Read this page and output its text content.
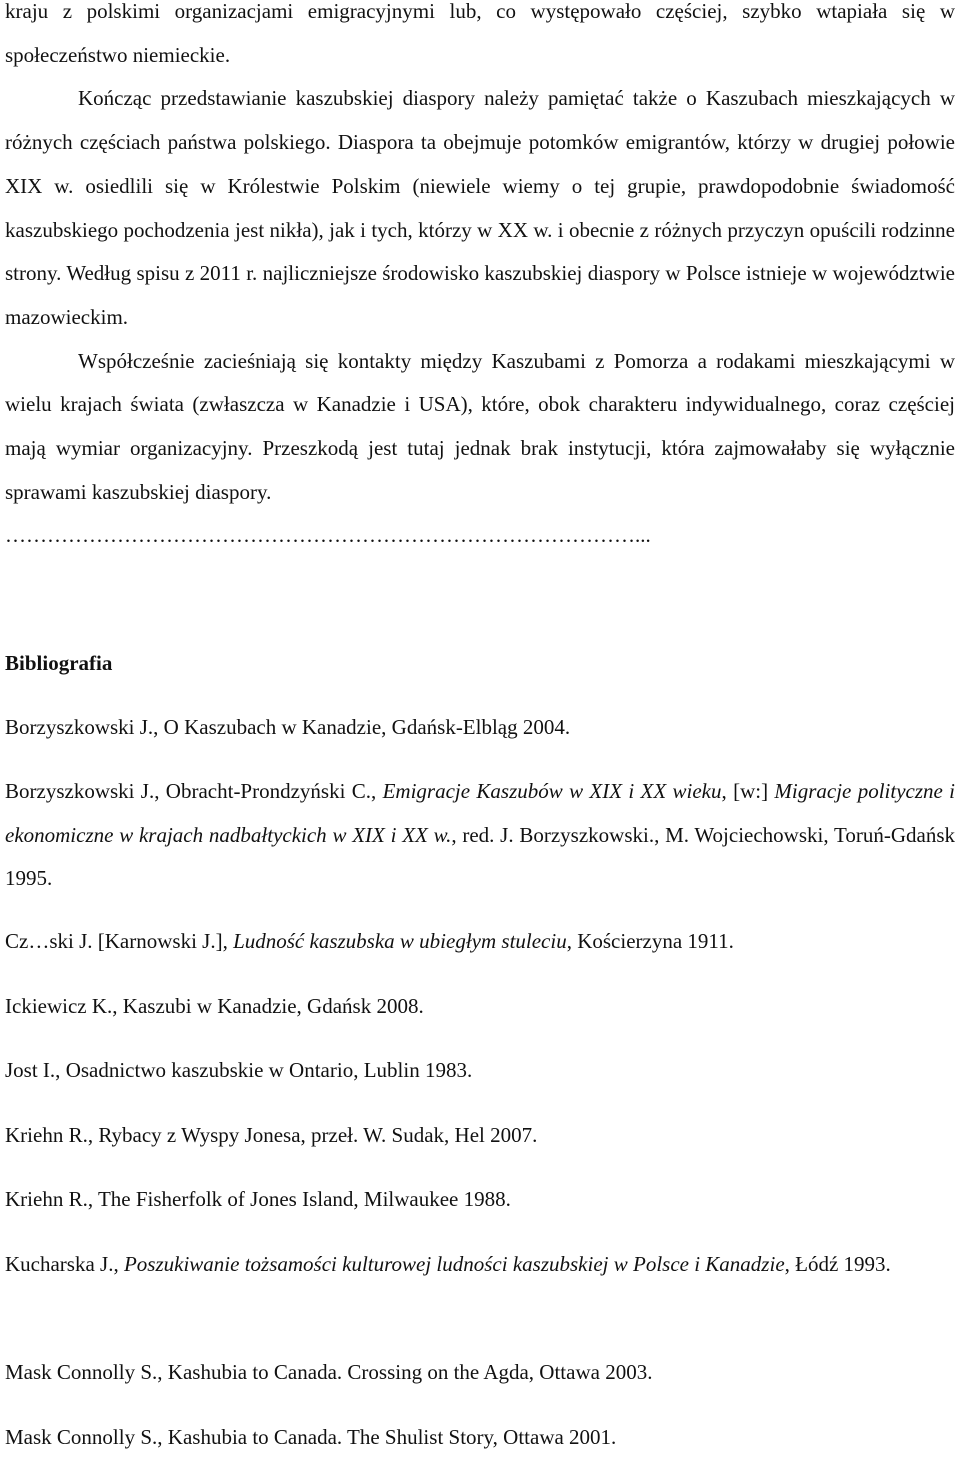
kraju z polskimi organizacjami emigracyjnymi lub, co występowało częściej, szybko wtapiała się w społeczeństwo niemieckie.

Kończąc przedstawianie kaszubskiej diaspory należy pamiętać także o Kaszubach mieszkających w różnych częściach państwa polskiego. Diaspora ta obejmuje potomków emigrantów, którzy w drugiej połowie XIX w. osiedlili się w Królestwie Polskim (niewiele wiemy o tej grupie, prawdopodobnie świadomość kaszubskiego pochodzenia jest nikła), jak i tych, którzy w XX w. i obecnie z różnych przyczyn opuścili rodzinne strony. Według spisu z 2011 r. najliczniejsze środowisko kaszubskiej diaspory w Polsce istnieje w województwie mazowieckim.

Współcześnie zacieśniają się kontakty między Kaszubami z Pomorza a rodakami mieszkającymi w wielu krajach świata (zwłaszcza w Kanadzie i USA), które, obok charakteru indywidualnego, coraz częściej mają wymiar organizacyjny. Przeszkodą jest tutaj jednak brak instytucji, która zajmowałaby się wyłącznie sprawami kaszubskiej diaspory.

………………………………………………………………………………...

Bibliografia

Borzyszkowski J., O Kaszubach w Kanadzie, Gdańsk-Elbląg 2004.

Borzyszkowski J., Obracht-Prondzyński C., Emigracje Kaszubów w XIX i XX wieku, [w:] Migracje polityczne i ekonomiczne w krajach nadbałtyckich w XIX i XX w., red. J. Borzyszkowski., M. Wojciechowski, Toruń-Gdańsk 1995.

Cz…ski J. [Karnowski J.], Ludność kaszubska w ubiegłym stuleciu, Kościerzyna 1911.

Ickiewicz K., Kaszubi w Kanadzie, Gdańsk 2008.

Jost I., Osadnictwo kaszubskie w Ontario, Lublin 1983.

Kriehn R., Rybacy z Wyspy Jonesa, przeł. W. Sudak, Hel 2007.

Kriehn R., The Fisherfolk of Jones Island, Milwaukee 1988.

Kucharska J., Poszukiwanie tożsamości kulturowej ludności kaszubskiej w Polsce i Kanadzie, Łódź 1993.

Mask Connolly S., Kashubia to Canada. Crossing on the Agda, Ottawa 2003.

Mask Connolly S., Kashubia to Canada. The Shulist Story, Ottawa 2001.
